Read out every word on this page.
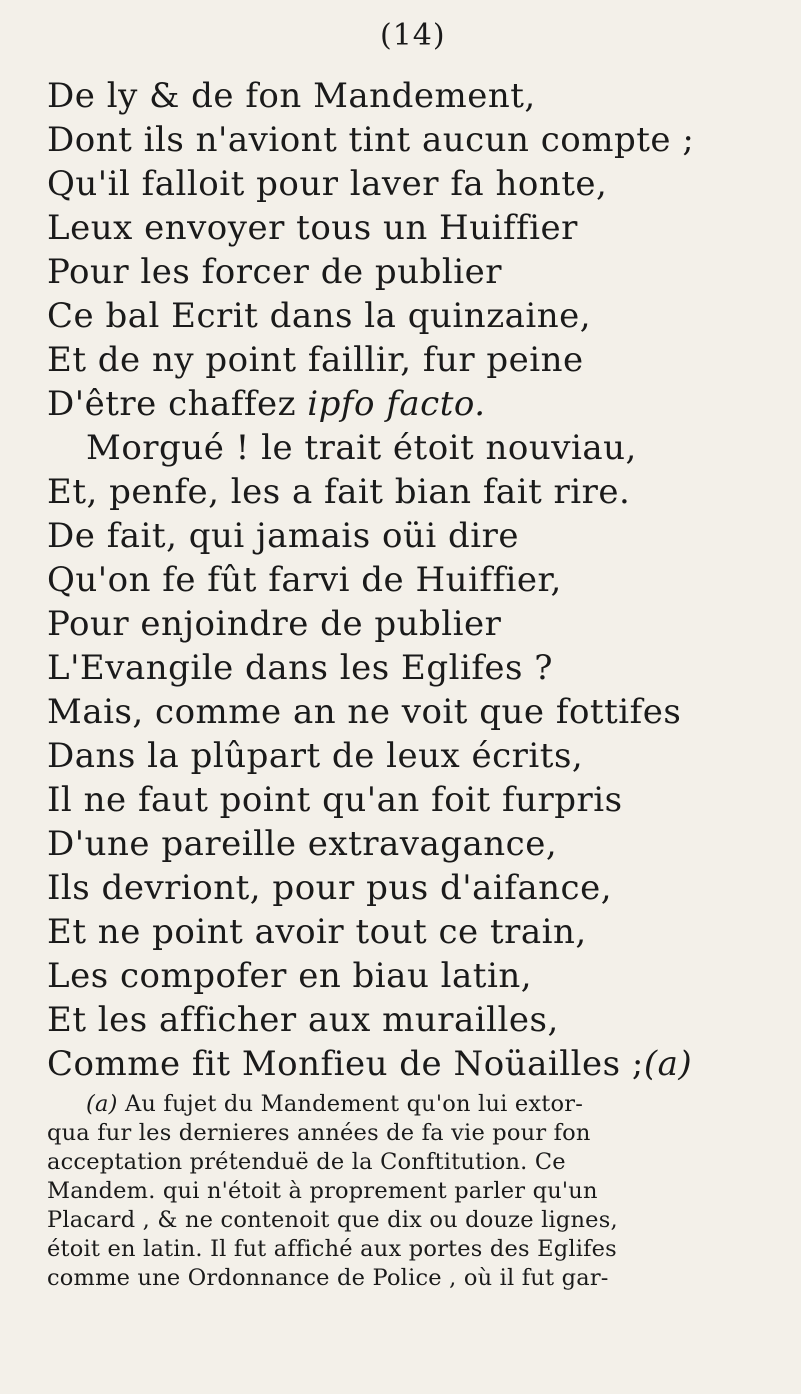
(14)
De ly & de fon Mandement,
Dont ils n'aviont tint aucun compte ;
Qu'il falloit pour laver fa honte,
Leux envoyer tous un Huiffier
Pour les forcer de publier
Ce bal Ecrit dans la quinzaine,
Et de ny point faillir, fur peine
D'être chaffez ipfo facto.
Morgué ! le trait étoit nouviau,
Et, penfe, les a fait bian fait rire.
De fait, qui jamais oüi dire
Qu'on fe fût farvi de Huiffier,
Pour enjoindre de publier
L'Evangile dans les Eglifes ?
Mais, comme an ne voit que fottifes
Dans la plûpart de leux écrits,
Il ne faut point qu'an foit furpris
D'une pareille extravagance,
Ils devriont, pour pus d'aifance,
Et ne point avoir tout ce train,
Les compofer en biau latin,
Et les afficher aux murailles,
Comme fit Monfieu de Noüailles ;(a)
(a) Au fujet du Mandement qu'on lui extor-
qua fur les dernieres années de fa vie pour fon
acceptation prétenduë de la Conftitution. Ce
Mandem. qui n'étoit à proprement parler qu'un
Placard , & ne contenoit que dix ou douze lignes,
étoit en latin. Il fut affiché aux portes des Eglifes
comme une Ordonnance de Police , où il fut gar-
